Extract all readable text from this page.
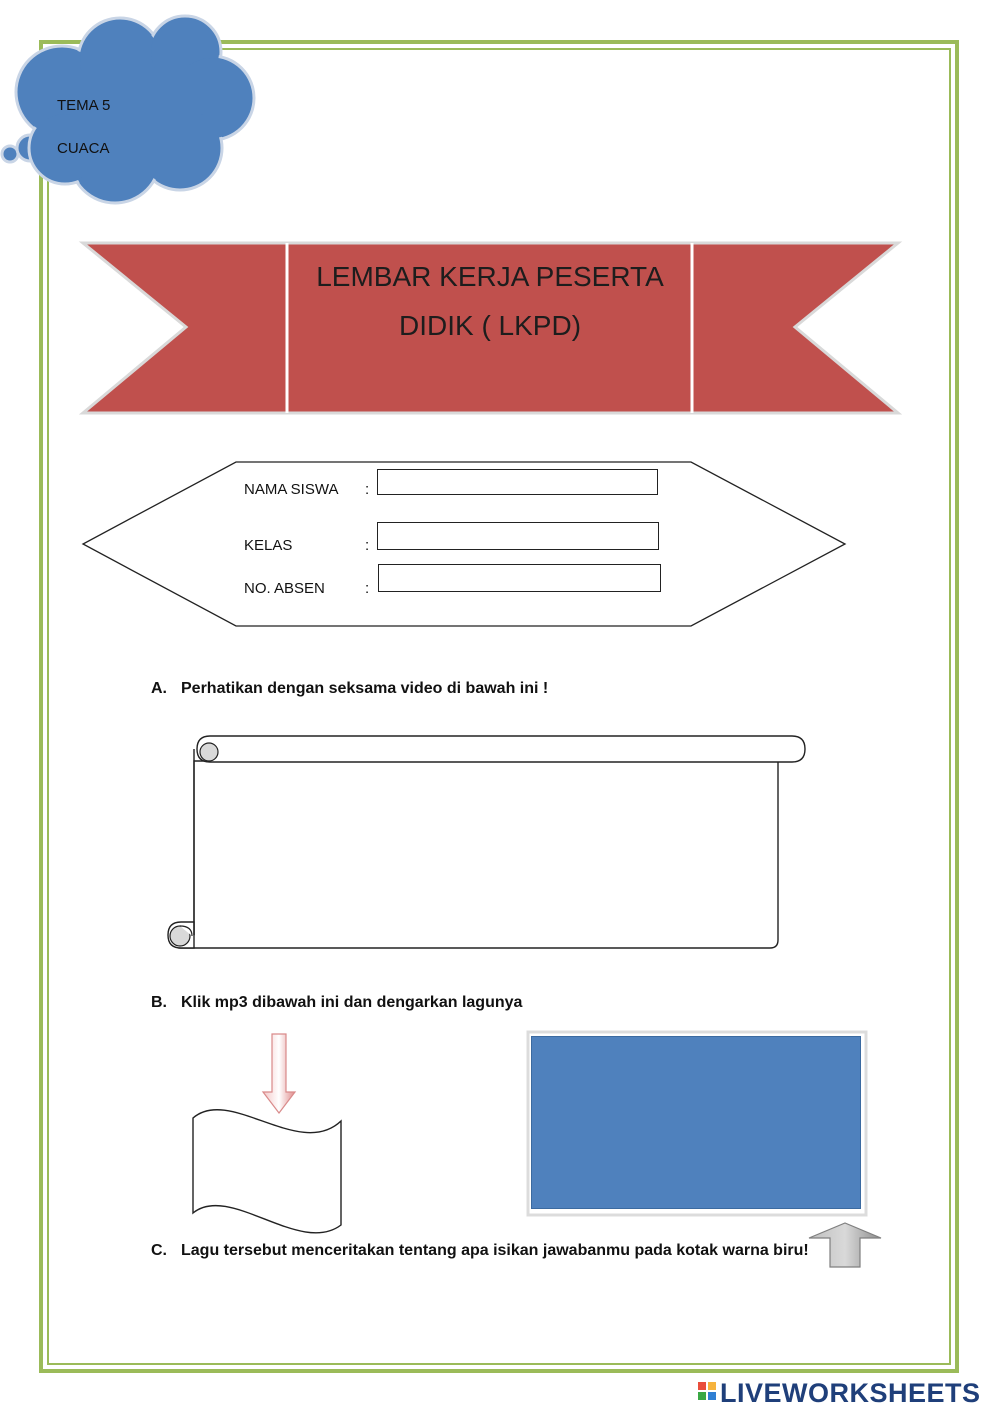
TEMA 5
CUACA
LEMBAR KERJA PESERTA DIDIK ( LKPD)
NAMA SISWA :
KELAS	:
NO. ABSEN	:
A. Perhatikan dengan seksama video di bawah ini !
B. Klik mp3 dibawah ini dan dengarkan lagunya
C. Lagu tersebut menceritakan tentang apa isikan jawabanmu pada kotak warna biru!
LIVEWORKSHEETS
